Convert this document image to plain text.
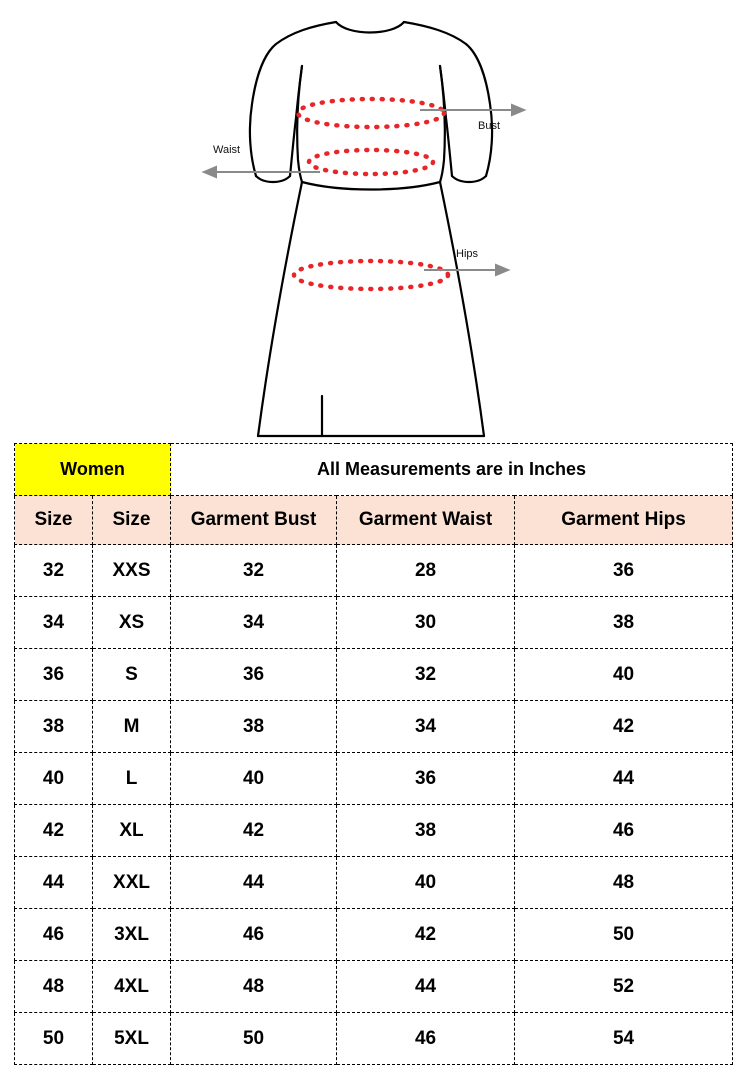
Bust
Waist
Hips
Women		All Measurements are in Inches		
Size	Size	Garment Bust	Garment Waist	Garment Hips
32	XXS	32	28	36
34	XS	34	30	38
36	S	36	32	40
38	M	38	34	42
40	L	40	36	44
42	XL	42	38	46
44	XXL	44	40	48
46	3XL	46	42	50
48	4XL	48	44	52
50	5XL	50	46	54
